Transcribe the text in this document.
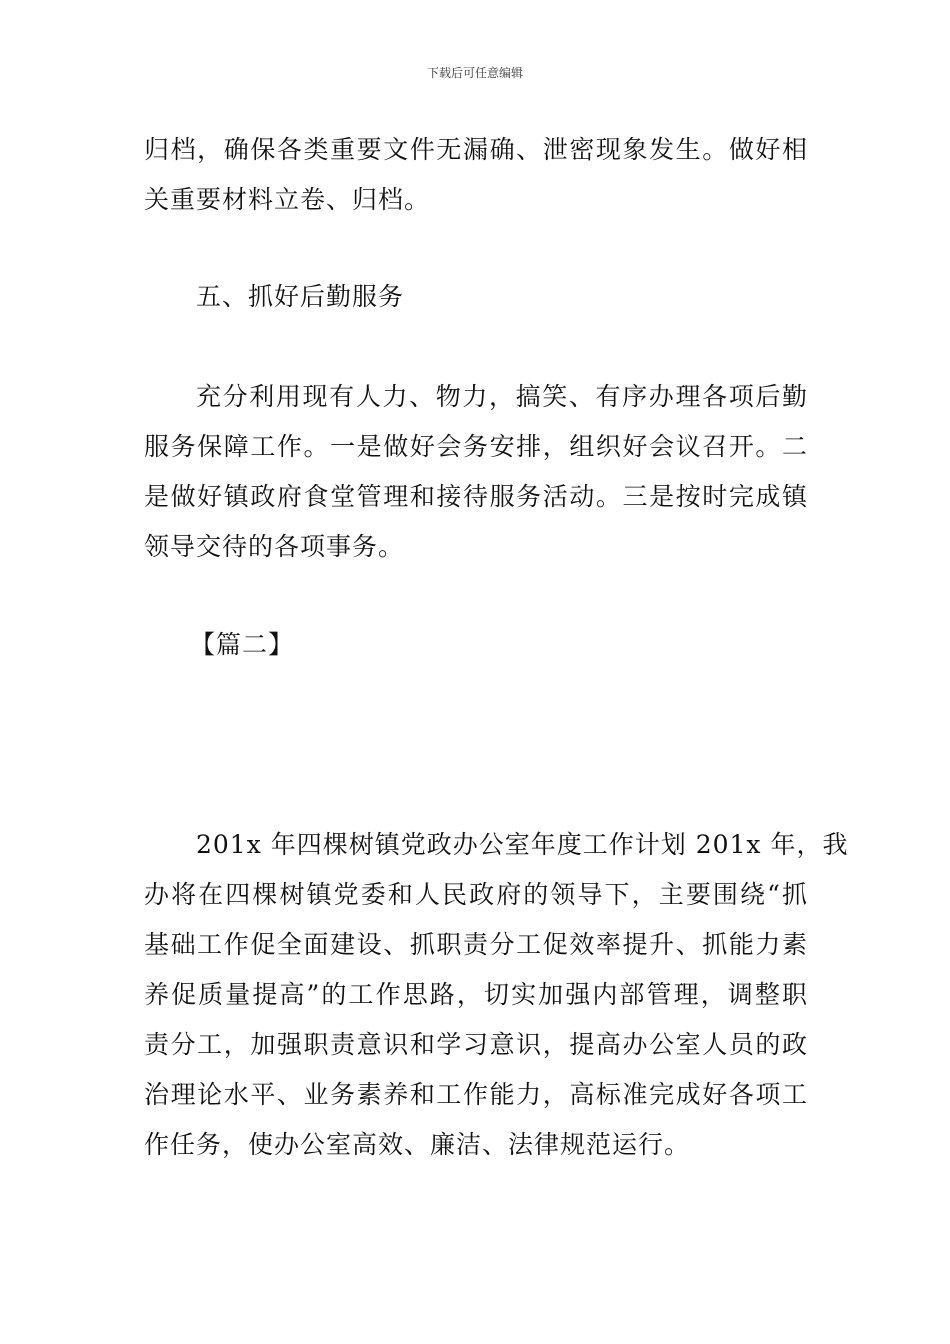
下载后可任意编辑
归档，确保各类重要文件无漏确、泄密现象发生。做好相
关重要材料立卷、归档。
五、抓好后勤服务
充分利用现有人力、物力，搞笑、有序办理各项后勤
服务保障工作。一是做好会务安排，组织好会议召开。二
是做好镇政府食堂管理和接待服务活动。三是按时完成镇
领导交待的各项事务。
【篇二】
201x 年四棵树镇党政办公室年度工作计划 201x 年，我
办将在四棵树镇党委和人民政府的领导下，主要围绕“抓
基础工作促全面建设、抓职责分工促效率提升、抓能力素
养促质量提高”的工作思路，切实加强内部管理，调整职
责分工，加强职责意识和学习意识，提高办公室人员的政
治理论水平、业务素养和工作能力，高标准完成好各项工
作任务，使办公室高效、廉洁、法律规范运行。
